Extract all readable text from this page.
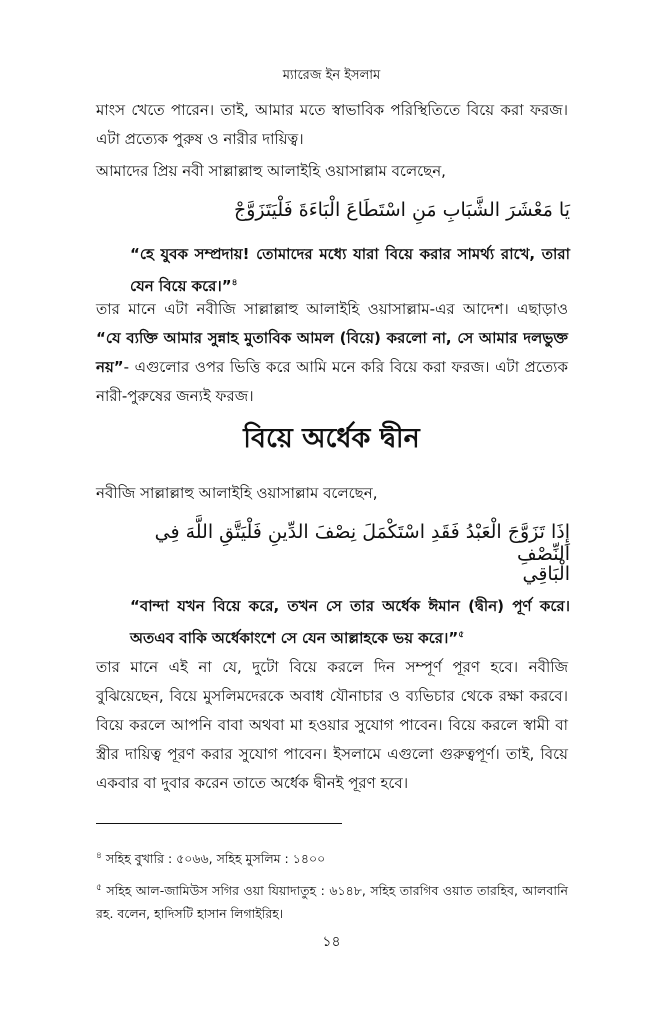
ম্যারেজ ইন ইসলাম

মাংস খেতে পারেন। তাই, আমার মতে স্বাভাবিক পরিস্থিতিতে বিয়ে করা ফরজ। এটা প্রত্যেক পুরুষ ও নারীর দায়িত্ব।

আমাদের প্রিয় নবী সাল্লাল্লাহু আলাইহি ওয়াসাল্লাম বলেছেন,

يَا مَعْشَرَ الشَّبَابِ مَنِ اسْتَطَاعَ الْبَاءَةَ فَلْيَتَزَوَّجْ

“হে যুবক সম্প্রদায়! তোমাদের মধ্যে যারা বিয়ে করার সামর্থ্য রাখে, তারা যেন বিয়ে করে।”$^৪$

তার মানে এটা নবীজি সাল্লাল্লাহু আলাইহি ওয়াসাল্লাম-এর আদেশ। এছাড়াও “যে ব্যক্তি আমার সুন্নাহ মুতাবিক আমল (বিয়ে) করলো না, সে আমার দলভুক্ত নয়”- এগুলোর ওপর ভিত্তি করে আমি মনে করি বিয়ে করা ফরজ। এটা প্রত্যেক নারী-পুরুষের জন্যই ফরজ।

বিয়ে অর্ধেক দ্বীন

নবীজি সাল্লাল্লাহু আলাইহি ওয়াসাল্লাম বলেছেন,

إِذَا تَزَوَّجَ الْعَبْدُ فَقَدِ اسْتَكْمَلَ نِصْفَ الدِّينِ فَلْيَتَّقِ اللَّهَ فِي النِّصْفِ

الْبَاقِي

“বান্দা যখন বিয়ে করে, তখন সে তার অর্ধেক ঈমান (দ্বীন) পূর্ণ করে। অতএব বাকি অর্ধেকাংশে সে যেন আল্লাহকে ভয় করে।”$^৫$

তার মানে এই না যে, দুটো বিয়ে করলে দিন সম্পূর্ণ পূরণ হবে। নবীজি বুঝিয়েছেন, বিয়ে মুসলিমদেরকে অবাধ যৌনাচার ও ব্যভিচার থেকে রক্ষা করবে। বিয়ে করলে আপনি বাবা অথবা মা হওয়ার সুযোগ পাবেন। বিয়ে করলে স্বামী বা স্ত্রীর দায়িত্ব পূরণ করার সুযোগ পাবেন। ইসলামে এগুলো গুরুত্বপূর্ণ। তাই, বিয়ে একবার বা দুবার করেন তাতে অর্ধেক দ্বীনই পূরণ হবে।

$^৪$ সহিহ বুখারি : ৫০৬৬, সহিহ মুসলিম : ১৪০০

$^৫$ সহিহ আল-জামিউস সগির ওয়া যিয়াদাতুহ : ৬১৪৮, সহিহ তারগিব ওয়াত তারহিব, আলবানি রহ. বলেন, হাদিসটি হাসান লিগাইরিহ।

১৪
